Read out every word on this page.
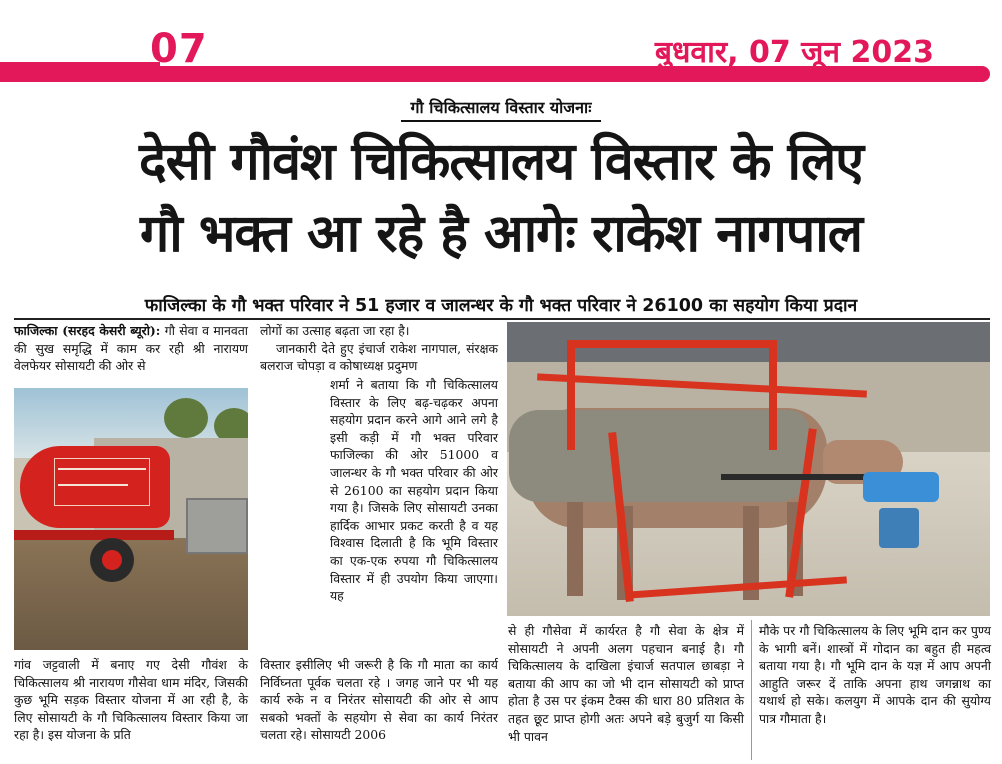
07	बुधवार, 07 जून 2023
गौ चिकित्सालय विस्तार योजनाः
देसी गौवंश चिकित्सालय विस्तार के लिए
गौ भक्त आ रहे है आगेः राकेश नागपाल
फाजिल्का के गौ भक्त परिवार ने 51 हजार व जालन्धर के गौ भक्त परिवार ने 26100 का सहयोग किया प्रदान

फाजिल्का (सरहद केसरी ब्यूरो): गौ सेवा व मानवता की सुख समृद्धि में काम कर रही श्री नारायण वेलफेयर सोसायटी की ओर से

गांव जट्टवाली में बनाए गए देसी गौवंश के चिकित्सालय श्री नारायण गौसेवा धाम मंदिर, जिसकी कुछ भूमि सड़क विस्तार योजना में आ रही है, के लिए सोसायटी के गौ चिकित्सालय विस्तार किया जा रहा है। इस योजना के प्रति

लोगों का उत्साह बढ़ता जा रहा है।

जानकारी देते हुए इंचार्ज राकेश नागपाल, संरक्षक बलराज चोपड़ा व कोषाध्यक्ष प्रदुमण

शर्मा ने बताया कि गौ चिकित्सालय विस्तार के लिए बढ़-चढ़कर अपना सहयोग प्रदान करने आगे आने लगे है इसी कड़ी में गौ भक्त परिवार फाजिल्का की ओर 51000 व जालन्धर के गौ भक्त परिवार की ओर से 26100 का सहयोग प्रदान किया गया है। जिसके लिए सोसायटी उनका हार्दिक आभार प्रकट करती है व यह विश्वास दिलाती है कि भूमि विस्तार का एक-एक रुपया गौ चिकित्सालय विस्तार में ही उपयोग किया जाएगा। यह

विस्तार इसीलिए भी जरूरी है कि गौ माता का कार्य निर्विघ्नता पूर्वक चलता रहे । जगह जाने पर भी यह कार्य रुके न व निरंतर सोसायटी की ओर से आप सबको भक्तों के सहयोग से सेवा का कार्य निरंतर चलता रहे। सोसायटी 2006

से ही गौसेवा में कार्यरत है गौ सेवा के क्षेत्र में सोसायटी ने अपनी अलग पहचान बनाई है। गौ चिकित्सालय के दाखिला इंचार्ज सतपाल छाबड़ा ने बताया की आप का जो भी दान सोसायटी को प्राप्त होता है उस पर इंकम टैक्स की धारा 80 प्रतिशत के तहत छूट प्राप्त होगी अतः अपने बड़े बुजुर्ग या किसी भी पावन

मौके पर गौ चिकित्सालय के लिए भूमि दान कर पुण्य के भागी बनें। शास्त्रों में गोदान का बहुत ही महत्व बताया गया है। गौ भूमि दान के यज्ञ में आप अपनी आहुति जरूर दें ताकि अपना हाथ जगन्नाथ का यथार्थ हो सके। कलयुग में आपके दान की सुयोग्य पात्र गौमाता है।
